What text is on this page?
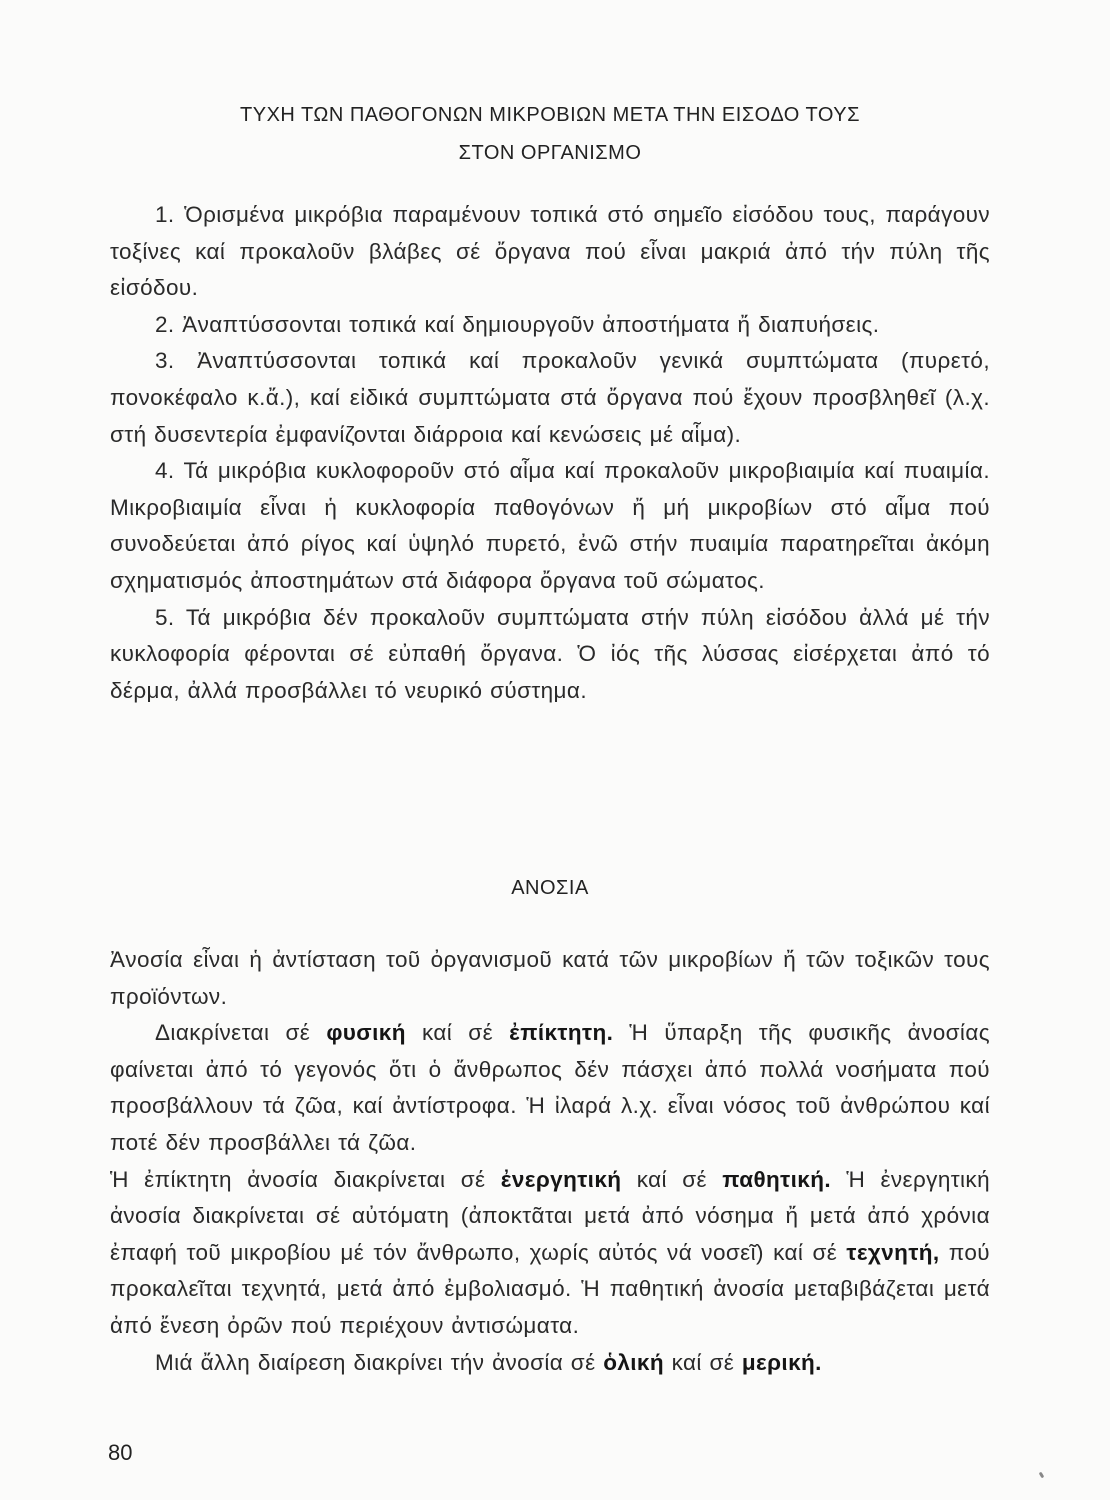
ΤΥΧΗ ΤΩΝ ΠΑΘΟΓΟΝΩΝ ΜΙΚΡΟΒΙΩΝ ΜΕΤΑ ΤΗΝ ΕΙΣΟΔΟ ΤΟΥΣ
ΣΤΟΝ ΟΡΓΑΝΙΣΜΟ

1. Ὁρισμένα μικρόβια παραμένουν τοπικά στό σημεῖο εἰσόδου τους, παράγουν τοξίνες καί προκαλοῦν βλάβες σέ ὄργανα πού εἶναι μακριά ἀπό τήν πύλη τῆς εἰσόδου.

2. Ἀναπτύσσονται τοπικά καί δημιουργοῦν ἀποστήματα ἤ διαπυήσεις.

3. Ἀναπτύσσονται τοπικά καί προκαλοῦν γενικά συμπτώματα (πυρετό, πονοκέφαλο κ.ἄ.), καί εἰδικά συμπτώματα στά ὄργανα πού ἔχουν προσβληθεῖ (λ.χ. στή δυσεντερία ἐμφανίζονται διάρροια καί κενώσεις μέ αἷμα).

4. Τά μικρόβια κυκλοφοροῦν στό αἷμα καί προκαλοῦν μικροβιαιμία καί πυαιμία. Μικροβιαιμία εἶναι ἡ κυκλοφορία παθογόνων ἤ μή μικροβίων στό αἷμα πού συνοδεύεται ἀπό ρίγος καί ὑψηλό πυρετό, ἐνῶ στήν πυαιμία παρατηρεῖται ἀκόμη σχηματισμός ἀποστημάτων στά διάφορα ὄργανα τοῦ σώματος.

5. Τά μικρόβια δέν προκαλοῦν συμπτώματα στήν πύλη εἰσόδου ἀλλά μέ τήν κυκλοφορία φέρονται σέ εὐπαθή ὄργανα. Ὁ ἰός τῆς λύσσας εἰσέρχεται ἀπό τό δέρμα, ἀλλά προσβάλλει τό νευρικό σύστημα.

ΑΝΟΣΙΑ

Ἀνοσία εἶναι ἡ ἀντίσταση τοῦ ὀργανισμοῦ κατά τῶν μικροβίων ἤ τῶν τοξικῶν τους προϊόντων.

Διακρίνεται σέ φυσική καί σέ ἐπίκτητη. Ἡ ὕπαρξη τῆς φυσικῆς ἀνοσίας φαίνεται ἀπό τό γεγονός ὅτι ὁ ἄνθρωπος δέν πάσχει ἀπό πολλά νοσήματα πού προσβάλλουν τά ζῶα, καί ἀντίστροφα. Ἡ ἰλαρά λ.χ. εἶναι νόσος τοῦ ἀνθρώπου καί ποτέ δέν προσβάλλει τά ζῶα.

Ἡ ἐπίκτητη ἀνοσία διακρίνεται σέ ἐνεργητική καί σέ παθητική. Ἡ ἐνεργητική ἀνοσία διακρίνεται σέ αὐτόματη (ἀποκτᾶται μετά ἀπό νόσημα ἤ μετά ἀπό χρόνια ἐπαφή τοῦ μικροβίου μέ τόν ἄνθρωπο, χωρίς αὐτός νά νοσεῖ) καί σέ τεχνητή, πού προκαλεῖται τεχνητά, μετά ἀπό ἐμβολιασμό. Ἡ παθητική ἀνοσία μεταβιβάζεται μετά ἀπό ἔνεση ὀρῶν πού περιέχουν ἀντισώματα.

Μιά ἄλλη διαίρεση διακρίνει τήν ἀνοσία σέ ὁλική καί σέ μερική.

80
